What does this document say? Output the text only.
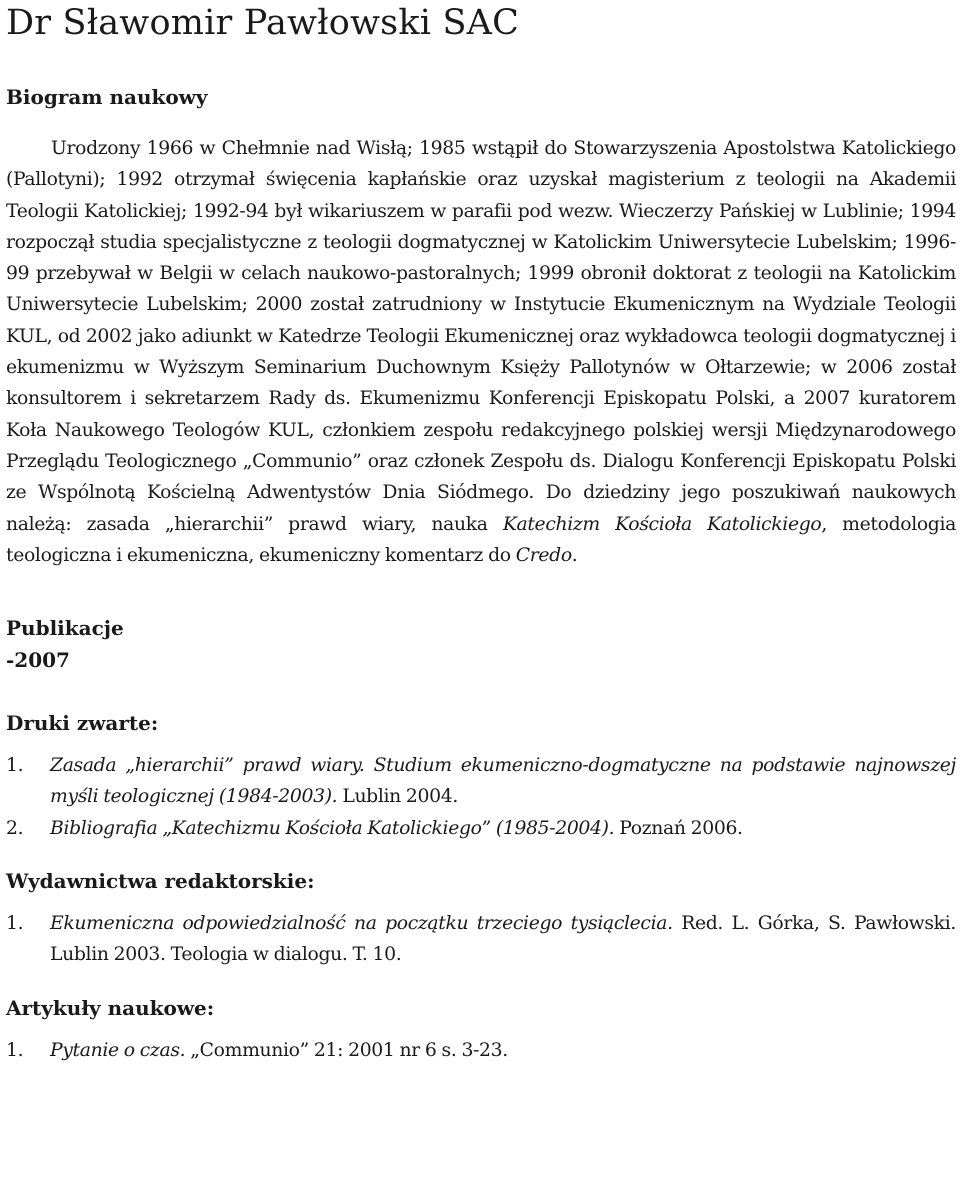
Dr Sławomir Pawłowski SAC
Biogram naukowy

Urodzony 1966 w Chełmnie nad Wisłą; 1985 wstąpił do Stowarzyszenia Apostolstwa Katolickiego (Pallotyni); 1992 otrzymał święcenia kapłańskie oraz uzyskał magisterium z teologii na Akademii Teologii Katolickiej; 1992-94 był wikariuszem w parafii pod wezw. Wieczerzy Pańskiej w Lublinie; 1994 rozpoczął studia specjalistyczne z teologii dogmatycznej w Katolickim Uniwersytecie Lubelskim; 1996-99 przebywał w Belgii w celach naukowo-pastoralnych; 1999 obronił doktorat z teologii na Katolickim Uniwersytecie Lubelskim; 2000 został zatrudniony w Instytucie Ekumenicznym na Wydziale Teologii KUL, od 2002 jako adiunkt w Katedrze Teologii Ekumenicznej oraz wykładowca teologii dogmatycznej i ekumenizmu w Wyższym Seminarium Duchownym Księży Pallotynów w Ołtarzewie; w 2006 został konsultorem i sekretarzem Rady ds. Ekumenizmu Konferencji Episkopatu Polski, a 2007 kuratorem Koła Naukowego Teologów KUL, członkiem zespołu redakcyjnego polskiej wersji Międzynarodowego Przeglądu Teologicznego „Communio” oraz członek Zespołu ds. Dialogu Konferencji Episkopatu Polski ze Wspólnotą Kościelną Adwentystów Dnia Siódmego. Do dziedziny jego poszukiwań naukowych należą: zasada „hierarchii” prawd wiary, nauka Katechizm Kościoła Katolickiego, metodologia teologiczna i ekumeniczna, ekumeniczny komentarz do Credo.

Publikacje
-2007
Druki zwarte:
1. Zasada „hierarchii” prawd wiary. Studium ekumeniczno-dogmatyczne na podstawie najnowszej myśli teologicznej (1984-2003). Lublin 2004.
2. Bibliografia „Katechizmu Kościoła Katolickiego” (1985-2004). Poznań 2006.
Wydawnictwa redaktorskie:
1. Ekumeniczna odpowiedzialność na początku trzeciego tysiąclecia. Red. L. Górka, S. Pawłowski. Lublin 2003. Teologia w dialogu. T. 10.
Artykuły naukowe:
1. Pytanie o czas. „Communio” 21: 2001 nr 6 s. 3-23.
